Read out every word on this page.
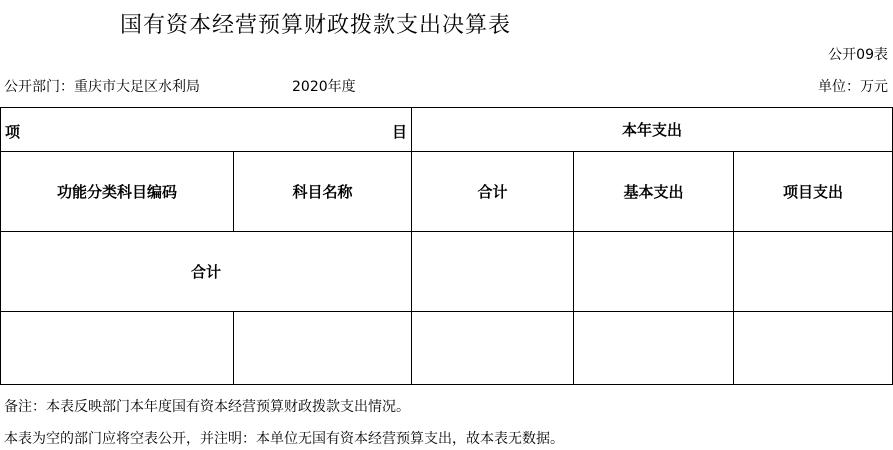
国有资本经营预算财政拨款支出决算表
公开09表
公开部门：重庆市大足区水利局	2020年度	单位：万元
项 目		本年支出		
功能分类科目编码	科目名称	合计	基本支出	项目支出
合计				

备注：本表反映部门本年度国有资本经营预算财政拨款支出情况。
本表为空的部门应将空表公开，并注明：本单位无国有资本经营预算支出，故本表无数据。
